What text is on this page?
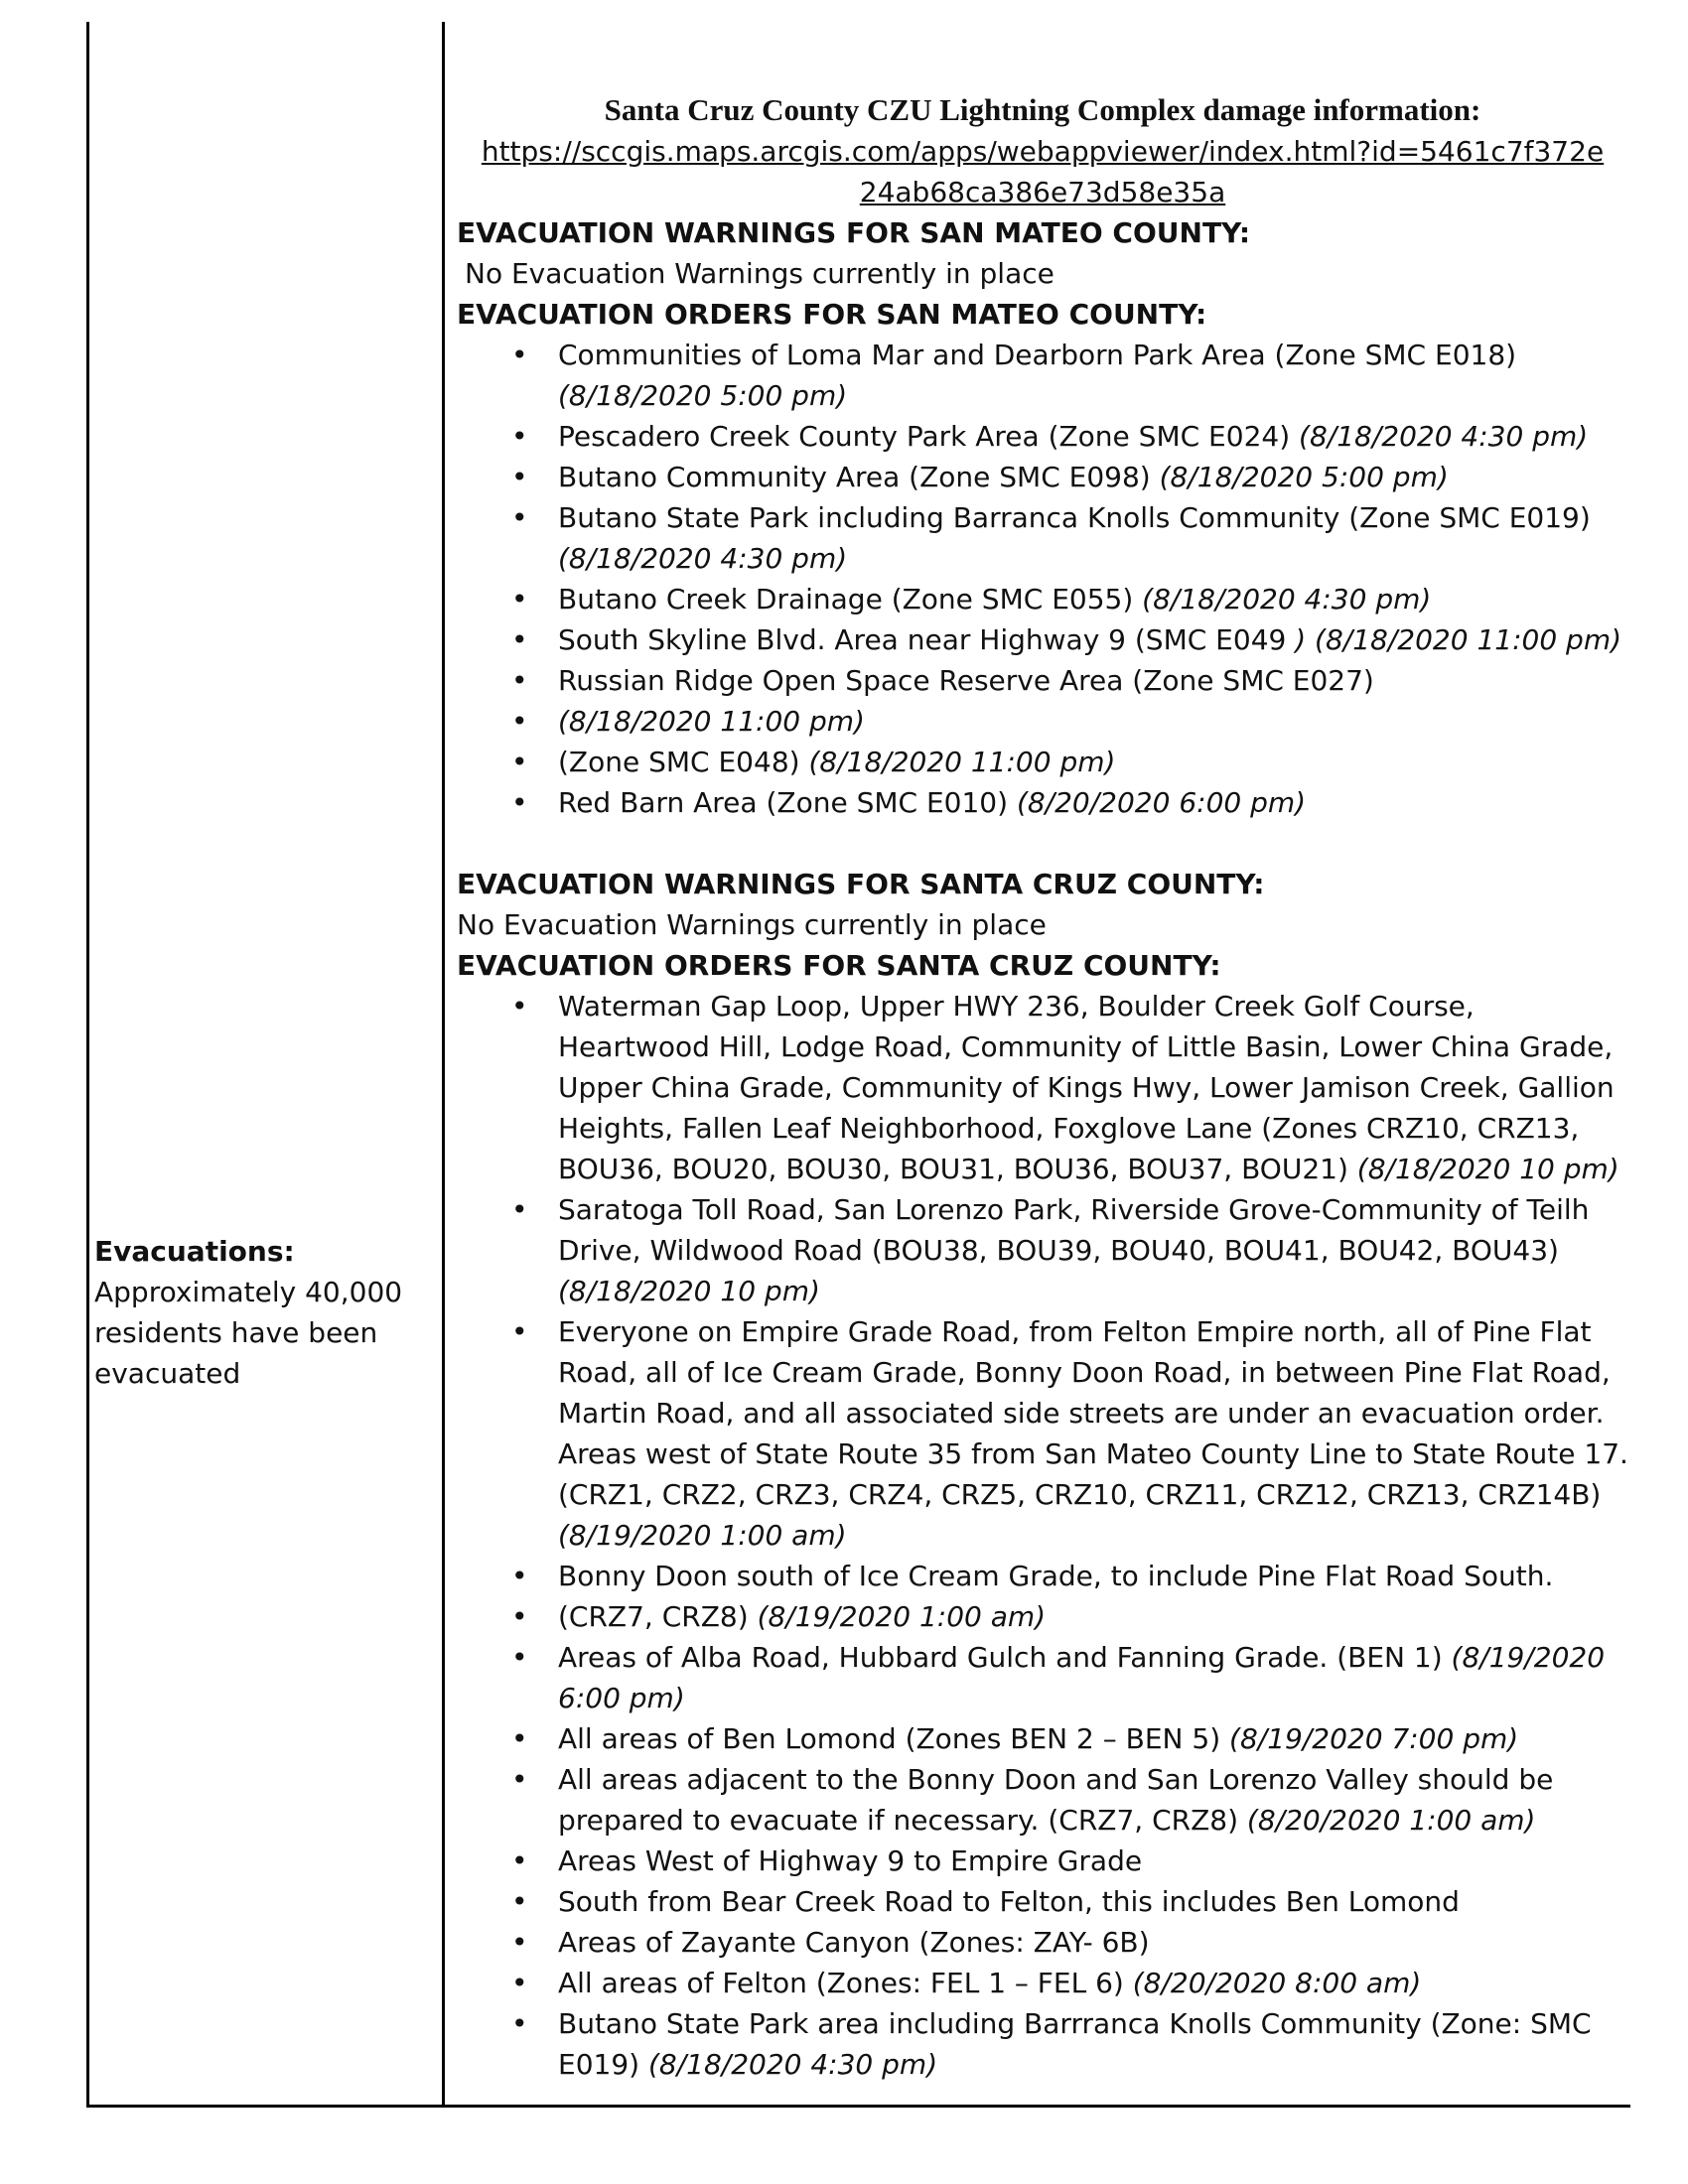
Evacuations:
Approximately 40,000 residents have been evacuated
Santa Cruz County CZU Lightning Complex damage information:
https://sccgis.maps.arcgis.com/apps/webappviewer/index.html?id=5461c7f372e24ab68ca386e73d58e35a
EVACUATION WARNINGS FOR SAN MATEO COUNTY:
No Evacuation Warnings currently in place
EVACUATION ORDERS FOR SAN MATEO COUNTY:
• Communities of Loma Mar and Dearborn Park Area (Zone SMC E018) (8/18/2020 5:00 pm)
• Pescadero Creek County Park Area (Zone SMC E024) (8/18/2020 4:30 pm)
• Butano Community Area (Zone SMC E098) (8/18/2020 5:00 pm)
• Butano State Park including Barranca Knolls Community (Zone SMC E019) (8/18/2020 4:30 pm)
• Butano Creek Drainage (Zone SMC E055) (8/18/2020 4:30 pm)
• South Skyline Blvd. Area near Highway 9 (SMC E049 ) (8/18/2020 11:00 pm)
• Russian Ridge Open Space Reserve Area (Zone SMC E027)
• (8/18/2020 11:00 pm)
• (Zone SMC E048) (8/18/2020 11:00 pm)
• Red Barn Area (Zone SMC E010) (8/20/2020 6:00 pm)
EVACUATION WARNINGS FOR SANTA CRUZ COUNTY:
No Evacuation Warnings currently in place
EVACUATION ORDERS FOR SANTA CRUZ COUNTY:
• Waterman Gap Loop, Upper HWY 236, Boulder Creek Golf Course, Heartwood Hill, Lodge Road, Community of Little Basin, Lower China Grade, Upper China Grade, Community of Kings Hwy, Lower Jamison Creek, Gallion Heights, Fallen Leaf Neighborhood, Foxglove Lane (Zones CRZ10, CRZ13, BOU36, BOU20, BOU30, BOU31, BOU36, BOU37, BOU21) (8/18/2020 10 pm)
• Saratoga Toll Road, San Lorenzo Park, Riverside Grove-Community of Teilh Drive, Wildwood Road (BOU38, BOU39, BOU40, BOU41, BOU42, BOU43) (8/18/2020 10 pm)
• Everyone on Empire Grade Road, from Felton Empire north, all of Pine Flat Road, all of Ice Cream Grade, Bonny Doon Road, in between Pine Flat Road, Martin Road, and all associated side streets are under an evacuation order. Areas west of State Route 35 from San Mateo County Line to State Route 17. (CRZ1, CRZ2, CRZ3, CRZ4, CRZ5, CRZ10, CRZ11, CRZ12, CRZ13, CRZ14B) (8/19/2020 1:00 am)
• Bonny Doon south of Ice Cream Grade, to include Pine Flat Road South.
• (CRZ7, CRZ8) (8/19/2020 1:00 am)
• Areas of Alba Road, Hubbard Gulch and Fanning Grade. (BEN 1) (8/19/2020 6:00 pm)
• All areas of Ben Lomond (Zones BEN 2 – BEN 5) (8/19/2020 7:00 pm)
• All areas adjacent to the Bonny Doon and San Lorenzo Valley should be prepared to evacuate if necessary. (CRZ7, CRZ8) (8/20/2020 1:00 am)
• Areas West of Highway 9 to Empire Grade
• South from Bear Creek Road to Felton, this includes Ben Lomond
• Areas of Zayante Canyon (Zones: ZAY- 6B)
• All areas of Felton (Zones: FEL 1 – FEL 6) (8/20/2020 8:00 am)
• Butano State Park area including Barrranca Knolls Community (Zone: SMC E019) (8/18/2020 4:30 pm)
